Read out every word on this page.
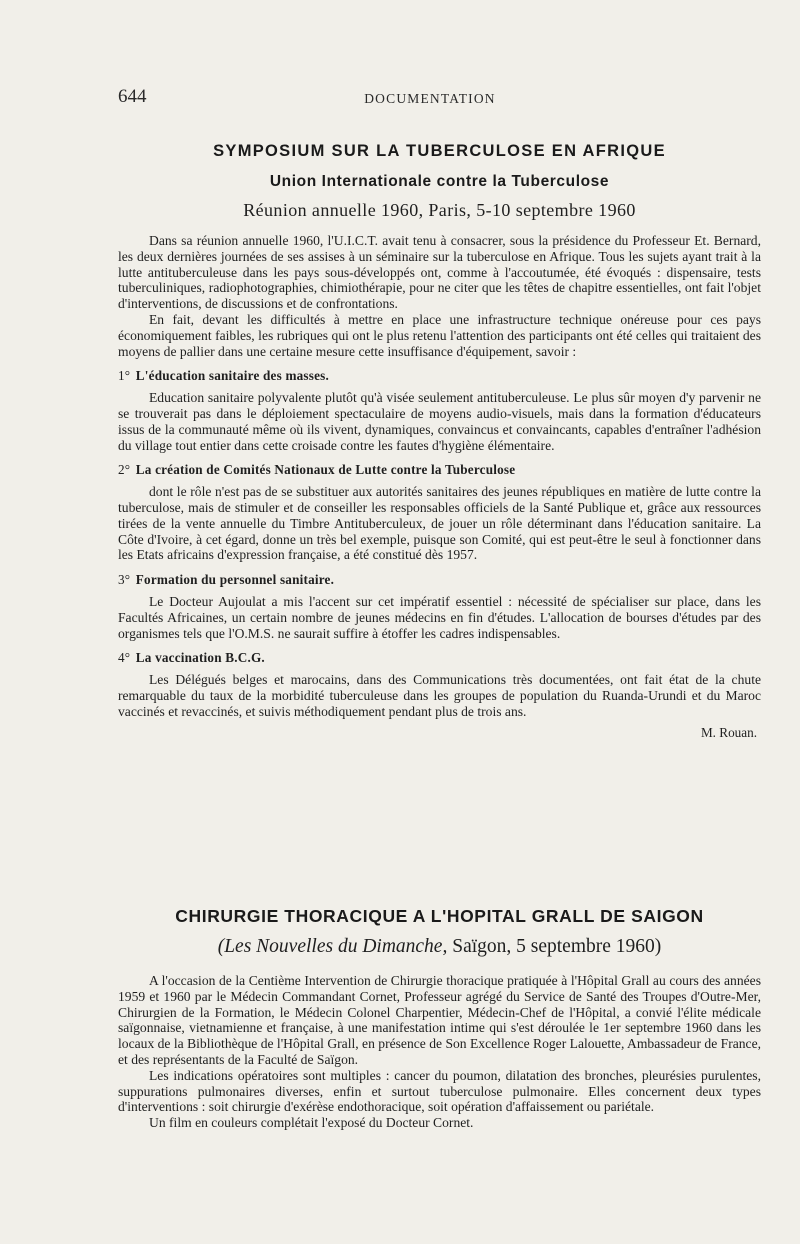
644	DOCUMENTATION
SYMPOSIUM SUR LA TUBERCULOSE EN AFRIQUE
Union Internationale contre la Tuberculose
Réunion annuelle 1960, Paris, 5-10 septembre 1960

Dans sa réunion annuelle 1960, l'U.I.C.T. avait tenu à consacrer, sous la présidence du Professeur Et. Bernard, les deux dernières journées de ses assises à un séminaire sur la tuberculose en Afrique. Tous les sujets ayant trait à la lutte antituberculeuse dans les pays sous-développés ont, comme à l'accoutumée, été évoqués : dispensaire, tests tuberculiniques, radiophotographies, chimiothérapie, pour ne citer que les têtes de chapitre essentielles, ont fait l'objet d'interventions, de discussions et de confrontations.

En fait, devant les difficultés à mettre en place une infrastructure technique onéreuse pour ces pays économiquement faibles, les rubriques qui ont le plus retenu l'attention des participants ont été celles qui traitaient des moyens de pallier dans une certaine mesure cette insuffisance d'équipement, savoir :

1° L'éducation sanitaire des masses.

Education sanitaire polyvalente plutôt qu'à visée seulement antituberculeuse. Le plus sûr moyen d'y parvenir ne se trouverait pas dans le déploiement spectaculaire de moyens audio-visuels, mais dans la formation d'éducateurs issus de la communauté même où ils vivent, dynamiques, convaincus et convaincants, capables d'entraîner l'adhésion du village tout entier dans cette croisade contre les fautes d'hygiène élémentaire.

2° La création de Comités Nationaux de Lutte contre la Tuberculose

dont le rôle n'est pas de se substituer aux autorités sanitaires des jeunes républiques en matière de lutte contre la tuberculose, mais de stimuler et de conseiller les responsables officiels de la Santé Publique et, grâce aux ressources tirées de la vente annuelle du Timbre Antituberculeux, de jouer un rôle déterminant dans l'éducation sanitaire. La Côte d'Ivoire, à cet égard, donne un très bel exemple, puisque son Comité, qui est peut-être le seul à fonctionner dans les Etats africains d'expression française, a été constitué dès 1957.

3° Formation du personnel sanitaire.

Le Docteur Aujoulat a mis l'accent sur cet impératif essentiel : nécessité de spécialiser sur place, dans les Facultés Africaines, un certain nombre de jeunes médecins en fin d'études. L'allocation de bourses d'études par des organismes tels que l'O.M.S. ne saurait suffire à étoffer les cadres indispensables.

4° La vaccination B.C.G.

Les Délégués belges et marocains, dans des Communications très documentées, ont fait état de la chute remarquable du taux de la morbidité tuberculeuse dans les groupes de population du Ruanda-Urundi et du Maroc vaccinés et revaccinés, et suivis méthodiquement pendant plus de trois ans.

M. Rouan.
CHIRURGIE THORACIQUE A L'HOPITAL GRALL DE SAIGON
(Les Nouvelles du Dimanche, Saïgon, 5 septembre 1960)

A l'occasion de la Centième Intervention de Chirurgie thoracique pratiquée à l'Hôpital Grall au cours des années 1959 et 1960 par le Médecin Commandant Cornet, Professeur agrégé du Service de Santé des Troupes d'Outre-Mer, Chirurgien de la Formation, le Médecin Colonel Charpentier, Médecin-Chef de l'Hôpital, a convié l'élite médicale saïgonnaise, vietnamienne et française, à une manifestation intime qui s'est déroulée le 1er septembre 1960 dans les locaux de la Bibliothèque de l'Hôpital Grall, en présence de Son Excellence Roger Lalouette, Ambassadeur de France, et des représentants de la Faculté de Saïgon.

Les indications opératoires sont multiples : cancer du poumon, dilatation des bronches, pleurésies purulentes, suppurations pulmonaires diverses, enfin et surtout tuberculose pulmonaire. Elles concernent deux types d'interventions : soit chirurgie d'exérèse endothoracique, soit opération d'affaissement ou pariétale.

Un film en couleurs complétait l'exposé du Docteur Cornet.
